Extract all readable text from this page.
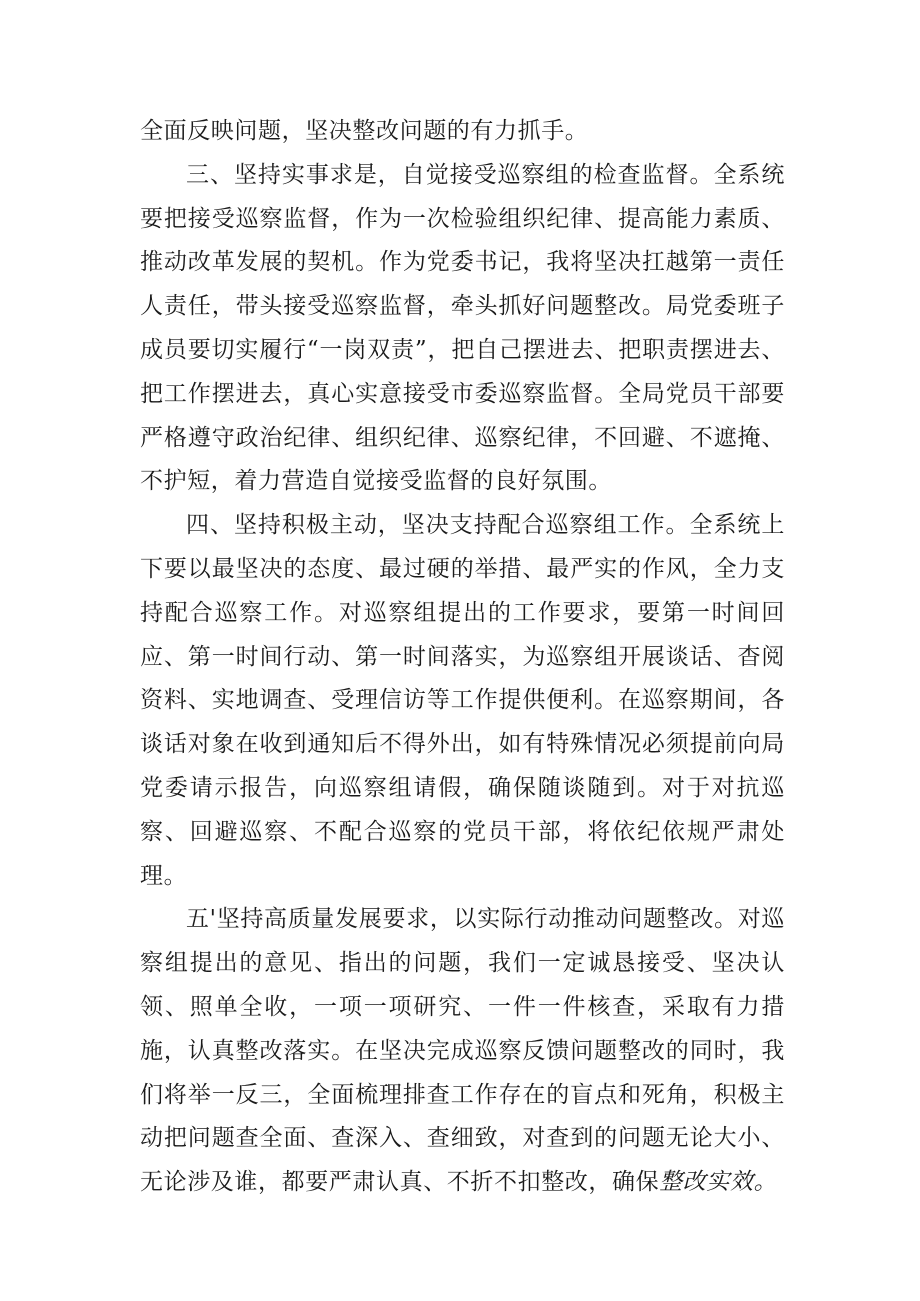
全面反映问题，坚决整改问题的有力抓手。

三、坚持实事求是，自觉接受巡察组的检查监督。全系统要把接受巡察监督，作为一次检验组织纪律、提高能力素质、推动改革发展的契机。作为党委书记，我将坚决扛越第一责任人责任，带头接受巡察监督，牵头抓好问题整改。局党委班子成员要切实履行“一岗双责”，把自己摆进去、把职责摆进去、把工作摆进去，真心实意接受市委巡察监督。全局党员干部要严格遵守政治纪律、组织纪律、巡察纪律，不回避、不遮掩、不护短，着力营造自觉接受监督的良好氛围。

四、坚持积极主动，坚决支持配合巡察组工作。全系统上下要以最坚决的态度、最过硬的举措、最严实的作风，全力支持配合巡察工作。对巡察组提出的工作要求，要第一时间回应、第一时间行动、第一时间落实，为巡察组开展谈话、杳阅资料、实地调查、受理信访等工作提供便利。在巡察期间，各谈话对象在收到通知后不得外出，如有特殊情况必须提前向局党委请示报告，向巡察组请假，确保随谈随到。对于对抗巡察、回避巡察、不配合巡察的党员干部，将依纪依规严肃处理。

五'坚持高质量发展要求，以实际行动推动问题整改。对巡察组提出的意见、指出的问题，我们一定诚恳接受、坚决认领、照单全收，一项一项研究、一件一件核查，采取有力措施，认真整改落实。在坚决完成巡察反馈问题整改的同时，我们将举一反三，全面梳理排查工作存在的盲点和死角，积极主动把问题查全面、查深入、查细致，对查到的问题无论大小、无论涉及谁，都要严肃认真、不折不扣整改，确保整改实效。
